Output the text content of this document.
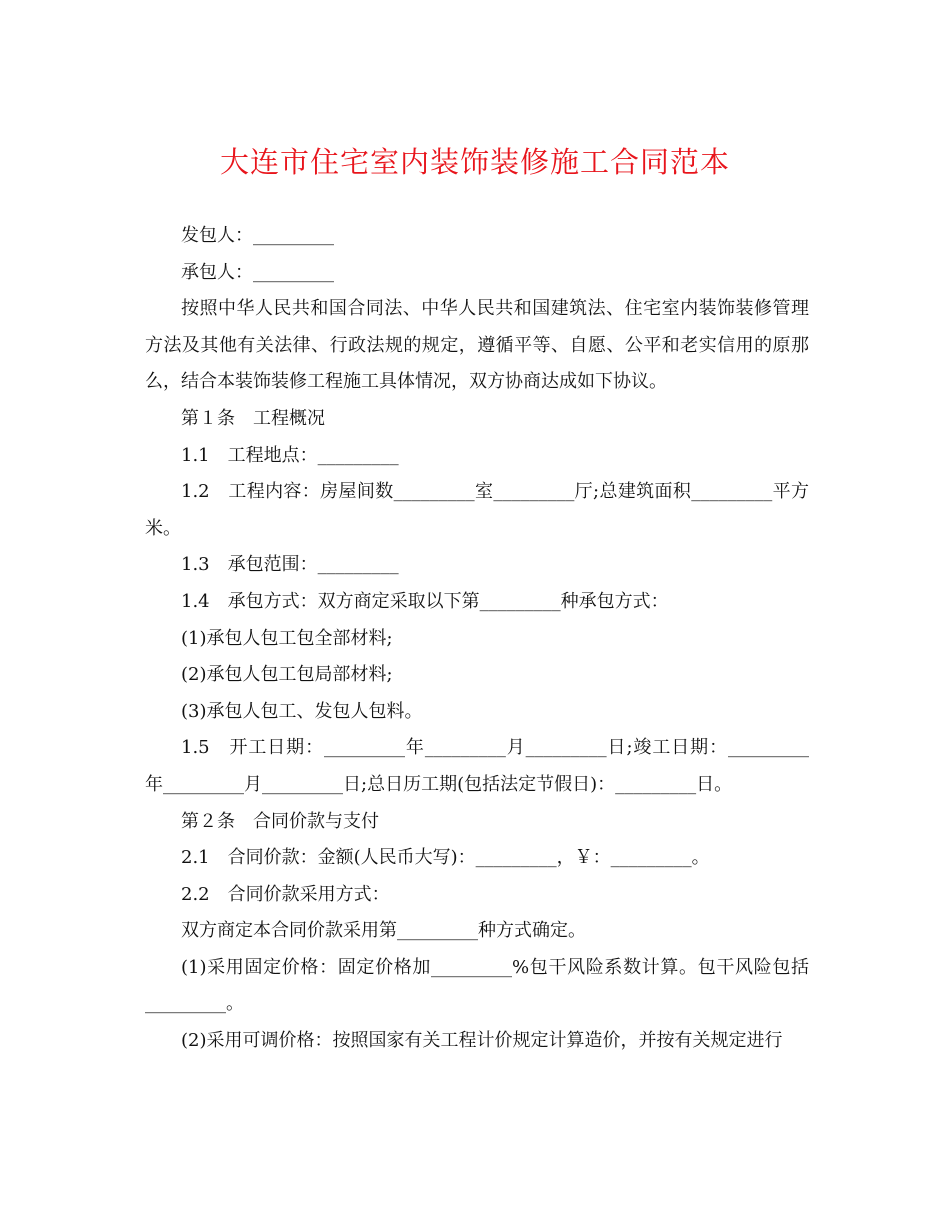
大连市住宅室内装饰装修施工合同范本

发包人：_________

承包人：_________

按照中华人民共和国合同法、中华人民共和国建筑法、住宅室内装饰装修管理方法及其他有关法律、行政法规的规定，遵循平等、自愿、公平和老实信用的原那么，结合本装饰装修工程施工具体情况，双方协商达成如下协议。

第１条　工程概况

1.1　工程地点：_________

1.2　工程内容：房屋间数_________室_________厅;总建筑面积_________平方米。

1.3　承包范围：_________

1.4　承包方式：双方商定采取以下第_________种承包方式：

(1)承包人包工包全部材料;

(2)承包人包工包局部材料;

(3)承包人包工、发包人包料。

1.5　开工日期：_________年_________月_________日;竣工日期：_________年_________月_________日;总日历工期(包括法定节假日)：_________日。

第２条　合同价款与支付

2.1　合同价款：金额(人民币大写)：_________，￥：_________。

2.2　合同价款采用方式：

双方商定本合同价款采用第_________种方式确定。

(1)采用固定价格：固定价格加_________%包干风险系数计算。包干风险包括_________。

(2)采用可调价格：按照国家有关工程计价规定计算造价，并按有关规定进行
